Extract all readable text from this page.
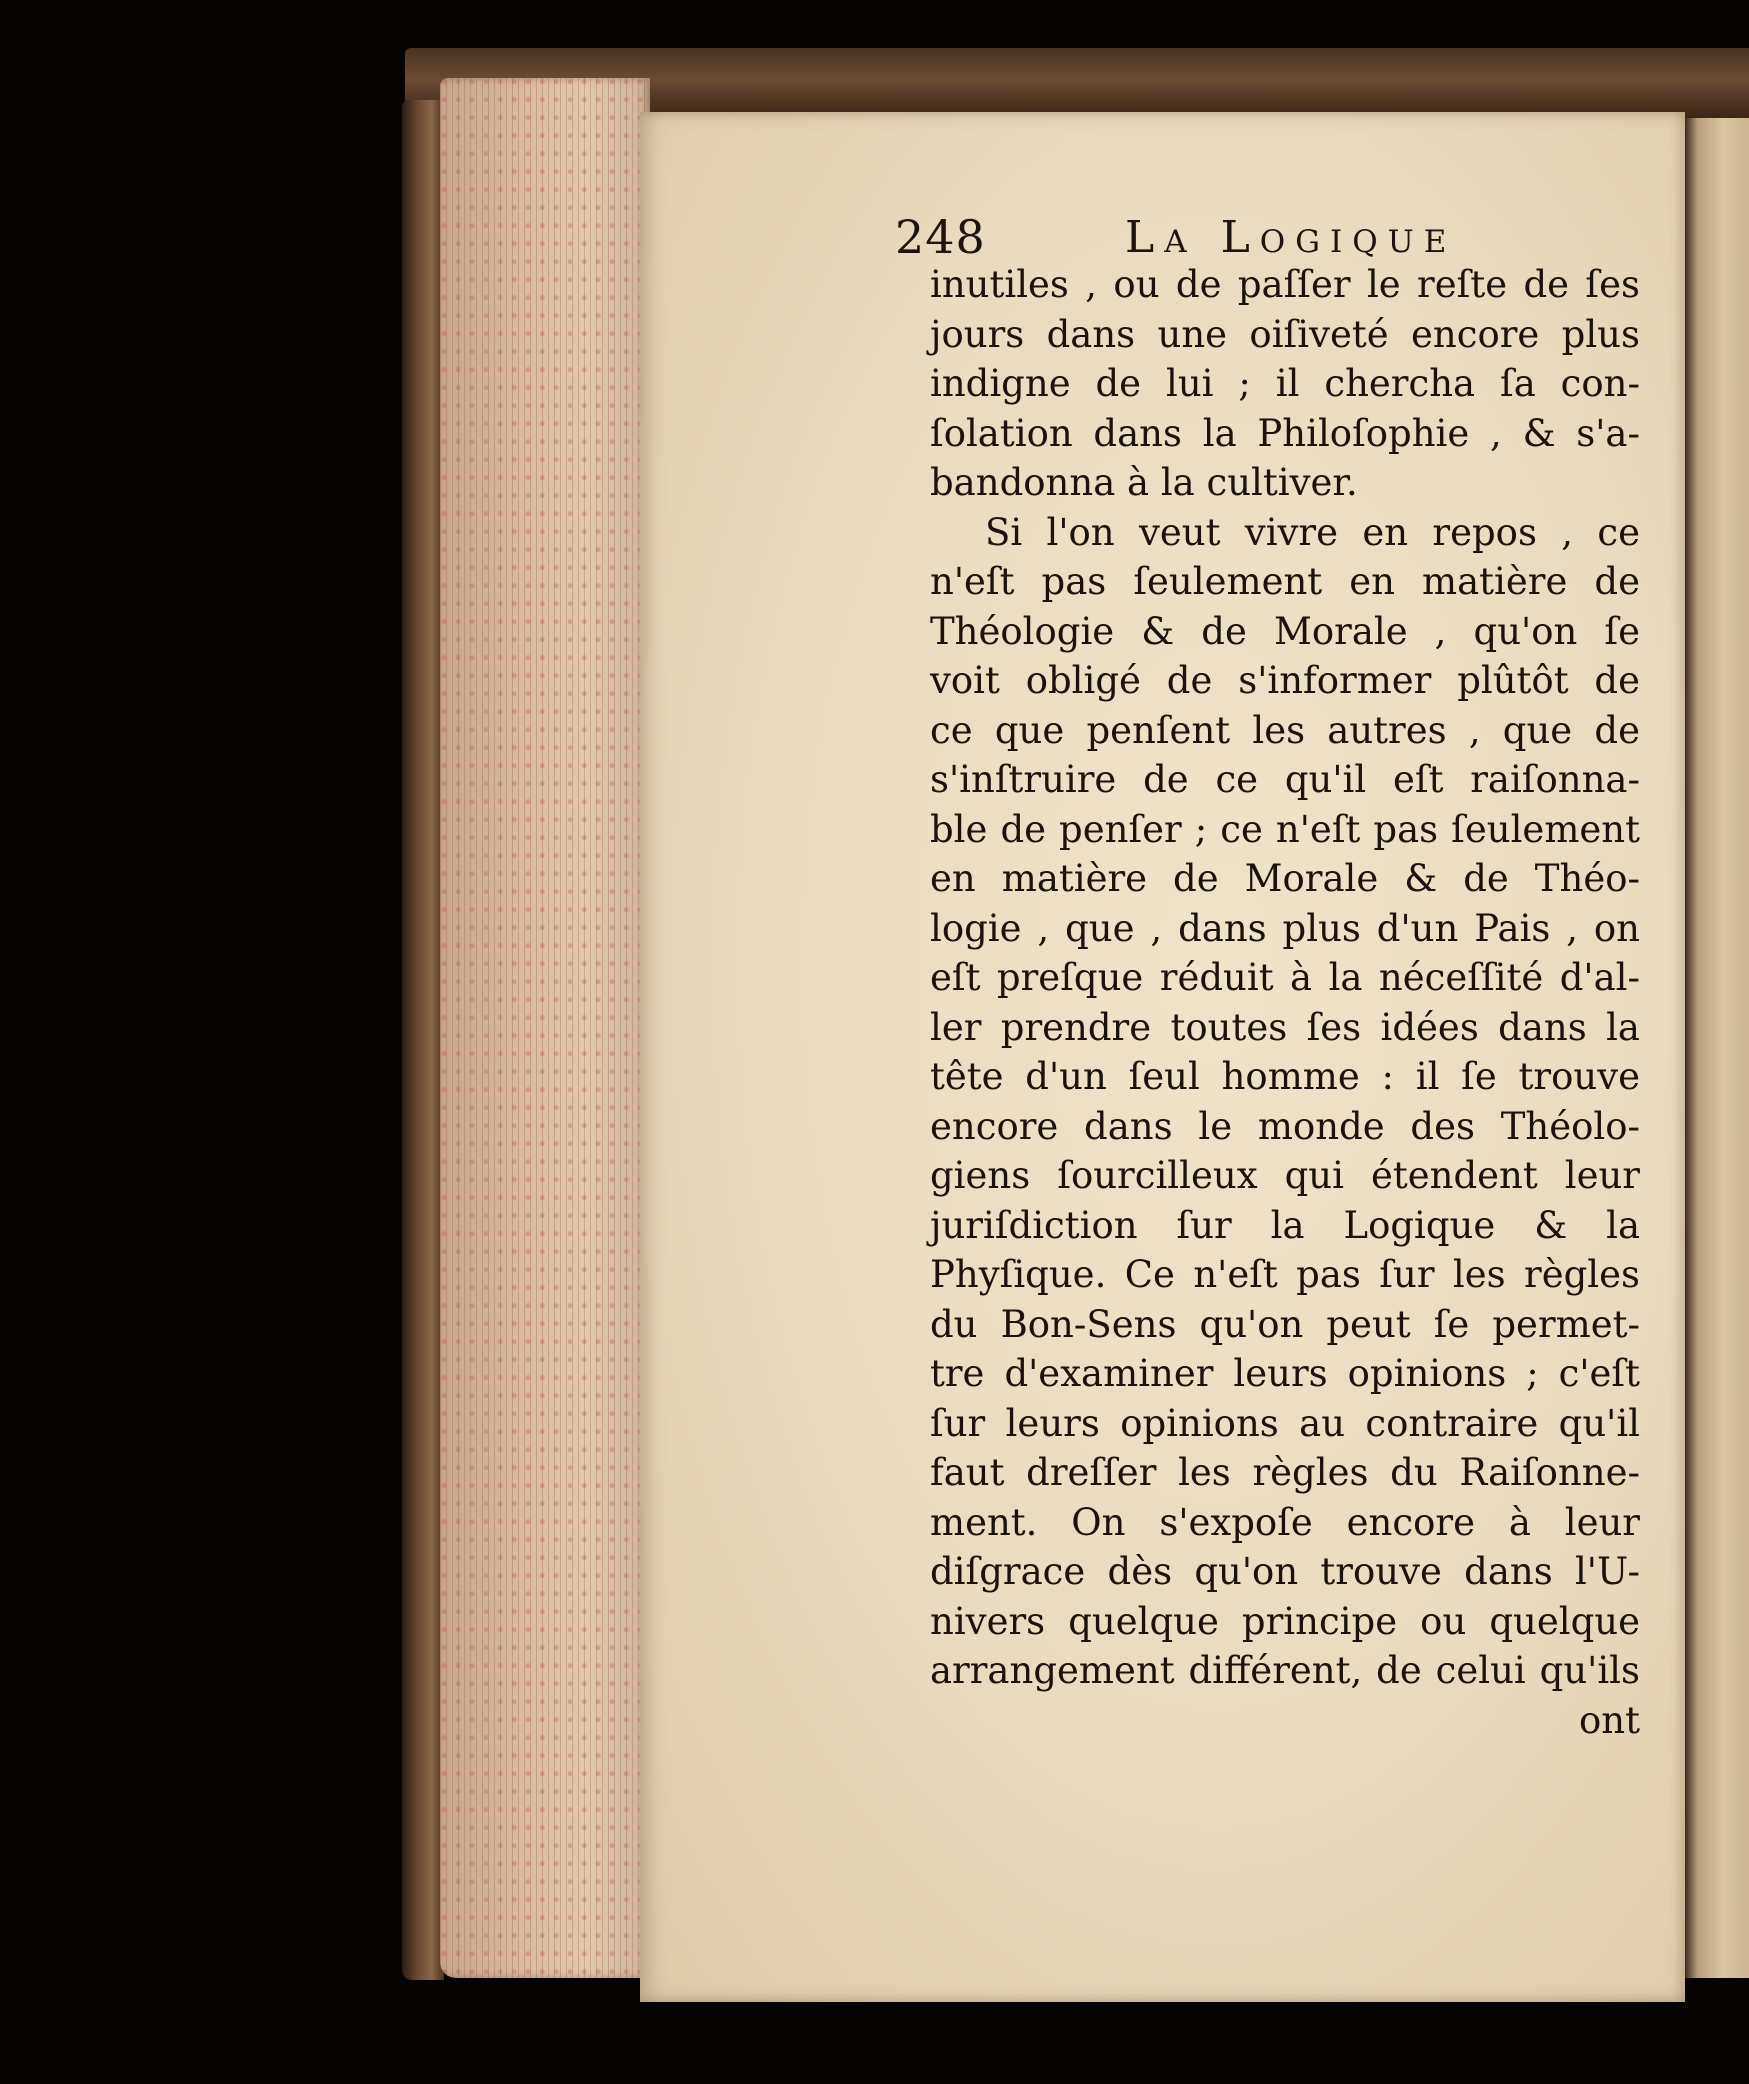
248	La Logique
inutiles , ou de paſſer le reſte de ſes
jours dans une oiſiveté encore plus
indigne de lui ; il chercha ſa con-
ſolation dans la Philoſophie , & s'a-
bandonna à la cultiver.
Si l'on veut vivre en repos , ce
n'eſt pas ſeulement en matière de
Théologie & de Morale , qu'on ſe
voit obligé de s'informer plûtôt de
ce que penſent les autres , que de
s'inſtruire de ce qu'il eſt raiſonna-
ble de penſer ; ce n'eſt pas ſeulement
en matière de Morale & de Théo-
logie , que , dans plus d'un Pais , on
eſt preſque réduit à la néceſſité d'al-
ler prendre toutes ſes idées dans la
tête d'un ſeul homme : il ſe trouve
encore dans le monde des Théolo-
giens ſourcilleux qui étendent leur
juriſdiction ſur la Logique & la
Phyſique. Ce n'eſt pas ſur les règles
du Bon-Sens qu'on peut ſe permet-
tre d'examiner leurs opinions ; c'eſt
ſur leurs opinions au contraire qu'il
faut dreſſer les règles du Raiſonne-
ment. On s'expoſe encore à leur
diſgrace dès qu'on trouve dans l'U-
nivers quelque principe ou quelque
arrangement différent, de celui qu'ils
ont
